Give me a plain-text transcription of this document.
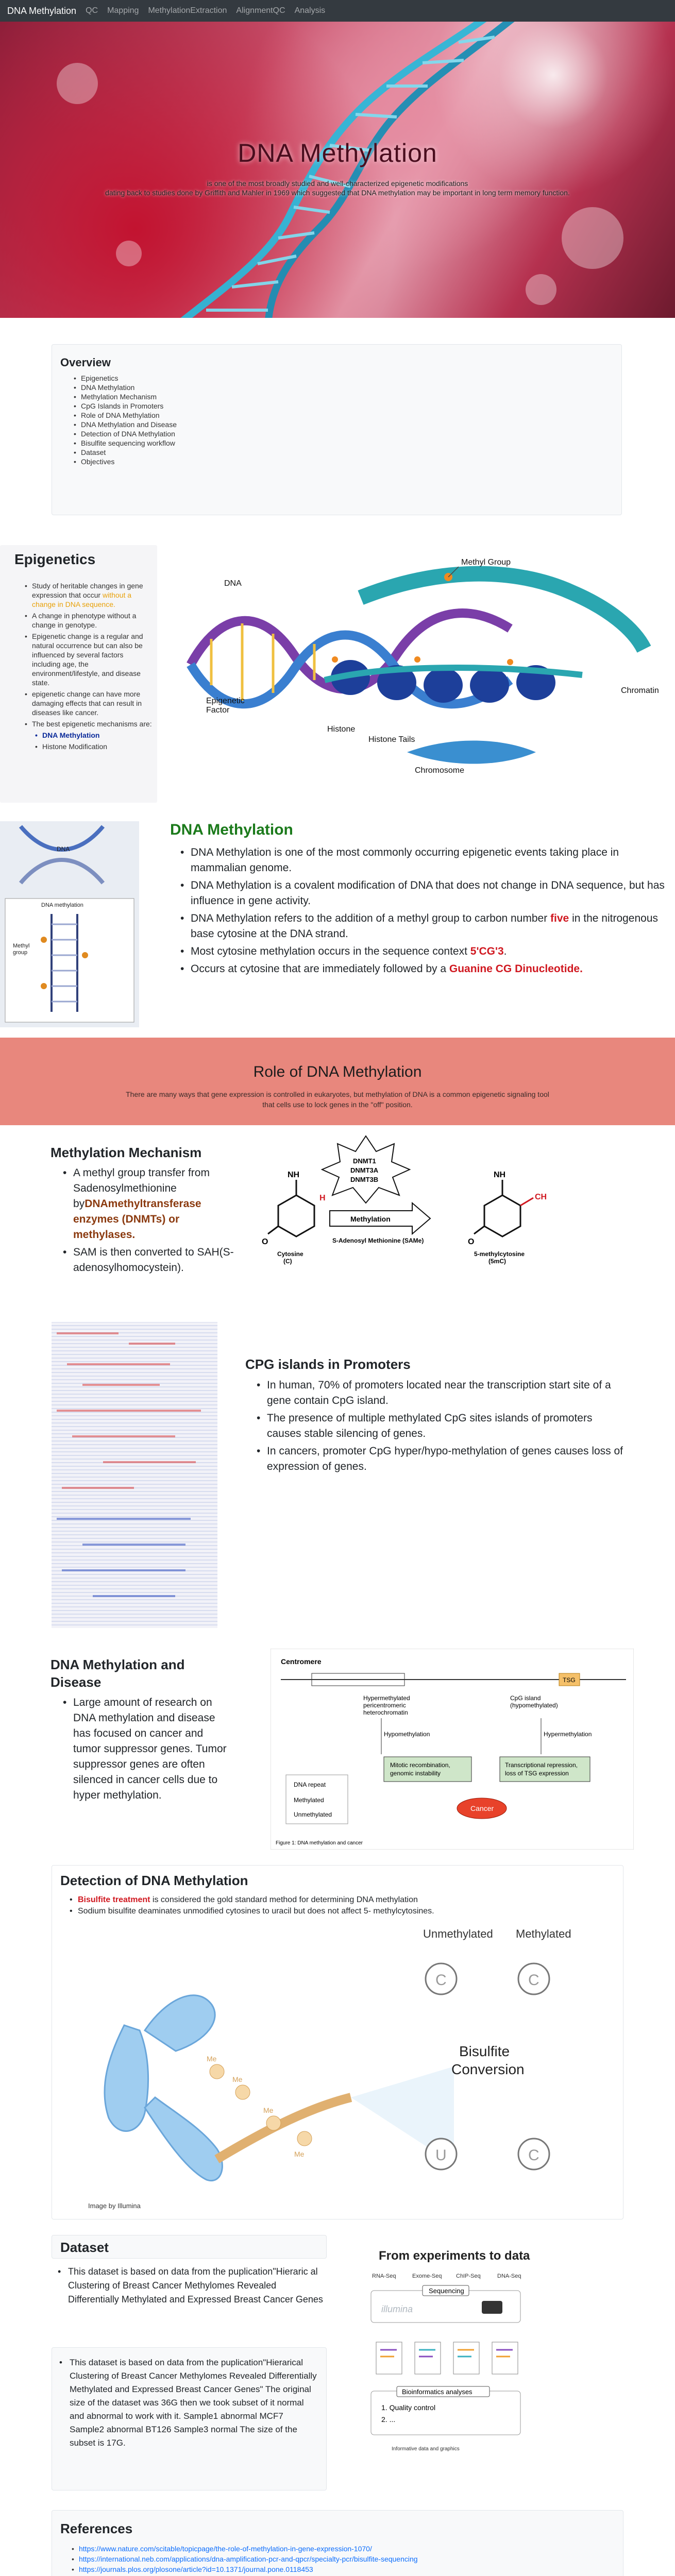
DNA Methylation QC Mapping MethylationExtraction AlignmentQC Analysis
DNA Methylation
is one of the most broadly studied and well-characterized epigenetic modifications
dating back to studies done by Griffith and Mahler in 1969 which suggested that DNA methylation may be important in long term memory function.
Overview
• Epigenetics
• DNA Methylation
• Methylation Mechanism
• CpG Islands in Promoters
• Role of DNA Methylation
• DNA Methylation and Disease
• Detection of DNA Methylation
• Bisulfite sequencing workflow
• Dataset
• Objectives
Epigenetics
• Study of heritable changes in gene expression that occur without a change in DNA sequence.
• A change in phenotype without a change in genotype.
• Epigenetic change is a regular and natural occurrence but can also be influenced by several factors including age, the environment/lifestyle, and disease state.
• epigenetic change can have more damaging effects that can result in diseases like cancer.
• The best epigenetic mechanisms are:
• DNA Methylation
• Histone Modification
Methyl Group
DNA
Chromatin
Epigenetic
Factor
Histone
Histone Tails
Chromosome
DNA
DNA methylation
Methyl
group
DNA Methylation
• DNA Methylation is one of the most commonly occurring epigenetic events taking place in mammalian genome.
• DNA Methylation is a covalent modification of DNA that does not change in DNA sequence, but has influence in gene activity.
• DNA Methylation refers to the addition of a methyl group to carbon number five in the nitrogenous base cytosine at the DNA strand.
• Most cytosine methylation occurs in the sequence context 5'CG'3.
• Occurs at cytosine that are immediately followed by a Guanine CG Dinucleotide.
Role of DNA Methylation
There are many ways that gene expression is controlled in eukaryotes, but methylation of DNA is a common epigenetic signaling tool
that cells use to lock genes in the "off" position.
Methylation Mechanism
• A methyl group transfer from Sadenosylmethionine byDNAmethyltransferase enzymes (DNMTs) or methylases.
• SAM is then converted to SAH(S-adenosylhomocystein).
DNMT1
DNMT3A
DNMT3B
NH
O
H
Methylation
S-Adenosyl Methionine (SAMe)
Cytosine
(C)
NH
O
CH
5-methylcytosine
(5mC)
CPG islands in Promoters
• In human, 70% of promoters located near the transcription start site of a gene contain CpG island.
• The presence of multiple methylated CpG sites islands of promoters causes stable silencing of genes.
• In cancers, promoter CpG hyper/hypo-methylation of genes causes loss of expression of genes.
DNA Methylation and Disease
• Large amount of research on DNA methylation and disease has focused on cancer and tumor suppressor genes. Tumor suppressor genes are often silenced in cancer cells due to hyper methylation.
Centromere
TSG
Hypermethylated
pericentromeric
heterochromatin
CpG island
(hypomethylated)
Hypomethylation	Hypermethylation
Mitotic recombination,
genomic instability
Transcriptional repression,
loss of TSG expression
Cancer
DNA repeat
Methylated
Unmethylated
Figure 1: DNA methylation and cancer
Detection of DNA Methylation
• Bisulfite treatment is considered the gold standard method for determining DNA methylation
• Sodium bisulfite deaminates unmodified cytosines to uracil but does not affect 5- methylcytosines.
Me
Me
Me
Me
Unmethylated Methylated
C	C
Bisulfite
Conversion
U	C
Image by Illumina
Dataset
• This dataset is based on data from the puplication"Hieraric al Clustering of Breast Cancer Methylomes Revealed Differentially Methylated and Expressed Breast Cancer Genes
• This dataset is based on data from the puplication"Hierarical Clustering of Breast Cancer Methylomes Revealed Differentially Methylated and Expressed Breast Cancer Genes" The original size of the dataset was 36G then we took subset of it normal and abnormal to work with it. Sample1 abnormal MCF7 Sample2 abnormal BT126 Sample3 normal The size of the subset is 17G.
From experiments to data
RNA-Seq	Exome-Seq	ChIP-Seq	DNA-Seq
Sequencing
illumina
Bioinformatics analyses
1. Quality control
2. ...
Informative data and graphics
References
• https://www.nature.com/scitable/topicpage/the-role-of-methylation-in-gene-expression-1070/
• https://international.neb.com/applications/dna-amplification-pcr-and-qpcr/specialty-pcr/bisulfite-sequencing
• https://journals.plos.org/plosone/article?id=10.1371/journal.pone.0118453
•
